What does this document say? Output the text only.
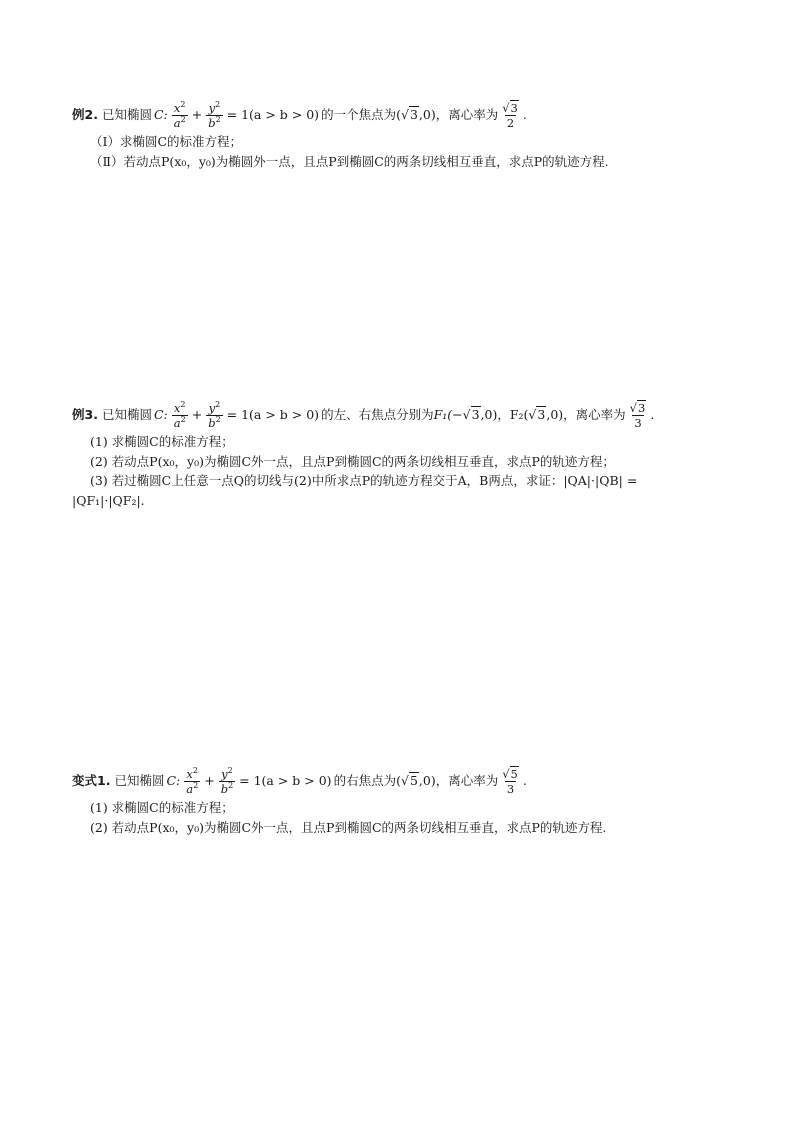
例2. 已知椭圆 C: $\frac{x^2}{a^2} + \frac{y^2}{b^2} = 1(a > b > 0)$ 的一个焦点为 ( √3 ,0) ，离心率为 $\frac{√3}{2}$ .
（Ⅰ）求椭圆C的标准方程；
（Ⅱ）若动点P(x₀，y₀)为椭圆外一点，且点P到椭圆C的两条切线相互垂直，求点P的轨迹方程.
例3. 已知椭圆 C: $\frac{x^2}{a^2} + \frac{y^2}{b^2} = 1(a > b > 0)$ 的左、右焦点分别为 F₁(− √3 ,0)，F₂( √3 ,0) ，离心率为 $\frac{√3}{3}$ .
(1) 求椭圆C的标准方程；
(2) 若动点P(x₀，y₀)为椭圆C外一点，且点P到椭圆C的两条切线相互垂直，求点P的轨迹方程；
(3) 若过椭圆C上任意一点Q的切线与(2)中所求点P的轨迹方程交于A，B两点，求证：|QA|·|QB| =
|QF₁|·|QF₂|.
变式1. 已知椭圆 C: $\frac{x^2}{a^2} + \frac{y^2}{b^2} = 1(a > b > 0)$ 的右焦点为 ( √5 ,0) ，离心率为 $\frac{√5}{3}$ .
(1) 求椭圆C的标准方程；
(2) 若动点P(x₀，y₀)为椭圆C外一点，且点P到椭圆C的两条切线相互垂直，求点P的轨迹方程.
